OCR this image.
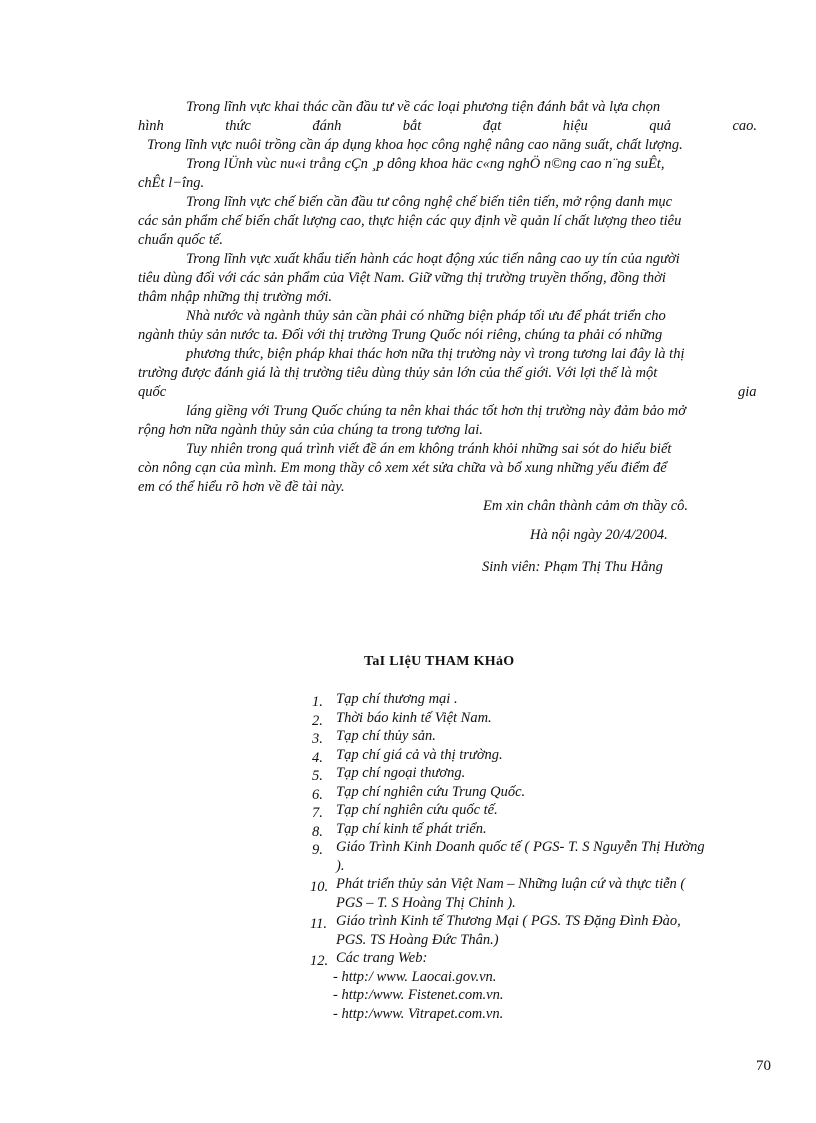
Trong lĩnh vực khai thác cần đầu tư về các loại phương tiện đánh bắt và lựa chọn
hình thức đánh bắt đạt hiệu quả cao.
Trong lĩnh vực nuôi trồng cần áp dụng khoa học công nghệ nâng cao năng suất, chất lượng.
Trong lÜnh vùc nu«i trång cÇn ¸p dông khoa häc c«ng nghÖ n©ng cao n¨ng suÊt,
chÊt l−îng.
Trong lĩnh vực chế biến cần đầu tư công nghệ chế biến tiên tiến, mở rộng danh mục
các sản phẩm chế biến chất lượng cao, thực hiện các quy định về quản lí chất lượng theo tiêu
chuẩn quốc tế.
Trong lĩnh vực xuất khẩu tiến hành các hoạt động xúc tiến nâng cao uy tín của người
tiêu dùng đối với các sản phẩm của Việt Nam. Giữ vững thị trường truyền thống, đồng thời
thâm nhập những thị trường mới.
Nhà nước và ngành thủy sản cần phải có những biện pháp tối ưu để phát triển cho
ngành thủy sản nước ta. Đối với thị trường Trung Quốc nói riêng, chúng ta phải có những
phương thức, biện pháp khai thác hơn nữa thị trường này vì trong tương lai đây là thị
trường được đánh giá là thị trường tiêu dùng thủy sản lớn của thế giới. Với lợi thế là một
quốc	gia
láng giềng với Trung Quốc chúng ta nên khai thác tốt hơn thị trường này đảm bảo mở
rộng hơn nữa ngành thủy sản của chúng ta trong tương lai.
Tuy nhiên trong quá trình viết đề án em không tránh khỏi những sai sót do hiểu biết
còn nông cạn của mình. Em mong thầy cô xem xét sửa chữa và bổ xung những yếu điểm để
em có thể hiểu rõ hơn về đề tài này.
Em xin chân thành cảm ơn thầy cô.
Hà nội ngày 20/4/2004.
Sinh viên: Phạm Thị Thu Hằng
TaI LIệU THAM KHảO
1. Tạp chí thương mại .
2. Thời báo kinh tế Việt Nam.
3. Tạp chí thủy sản.
4. Tạp chí giá cả và thị trường.
5. Tạp chí ngoại thương.
6. Tạp chí nghiên cứu Trung Quốc.
7. Tạp chí nghiên cứu quốc tế.
8. Tạp chí kinh tế phát triển.
9. Giáo Trình Kinh Doanh quốc tế ( PGS- T. S Nguyễn Thị Hường
).
10. Phát triển thủy sản Việt Nam – Những luận cứ và thực tiễn (
PGS – T. S Hoàng Thị Chỉnh ).
11. Giáo trình Kinh tế Thương Mại ( PGS. TS Đặng Đình Đào,
PGS. TS Hoàng Đức Thân.)
12. Các trang Web:
- http:/ www. Laocai.gov.vn.
- http:/www. Fistenet.com.vn.
- http:/www. Vitrapet.com.vn.
70
